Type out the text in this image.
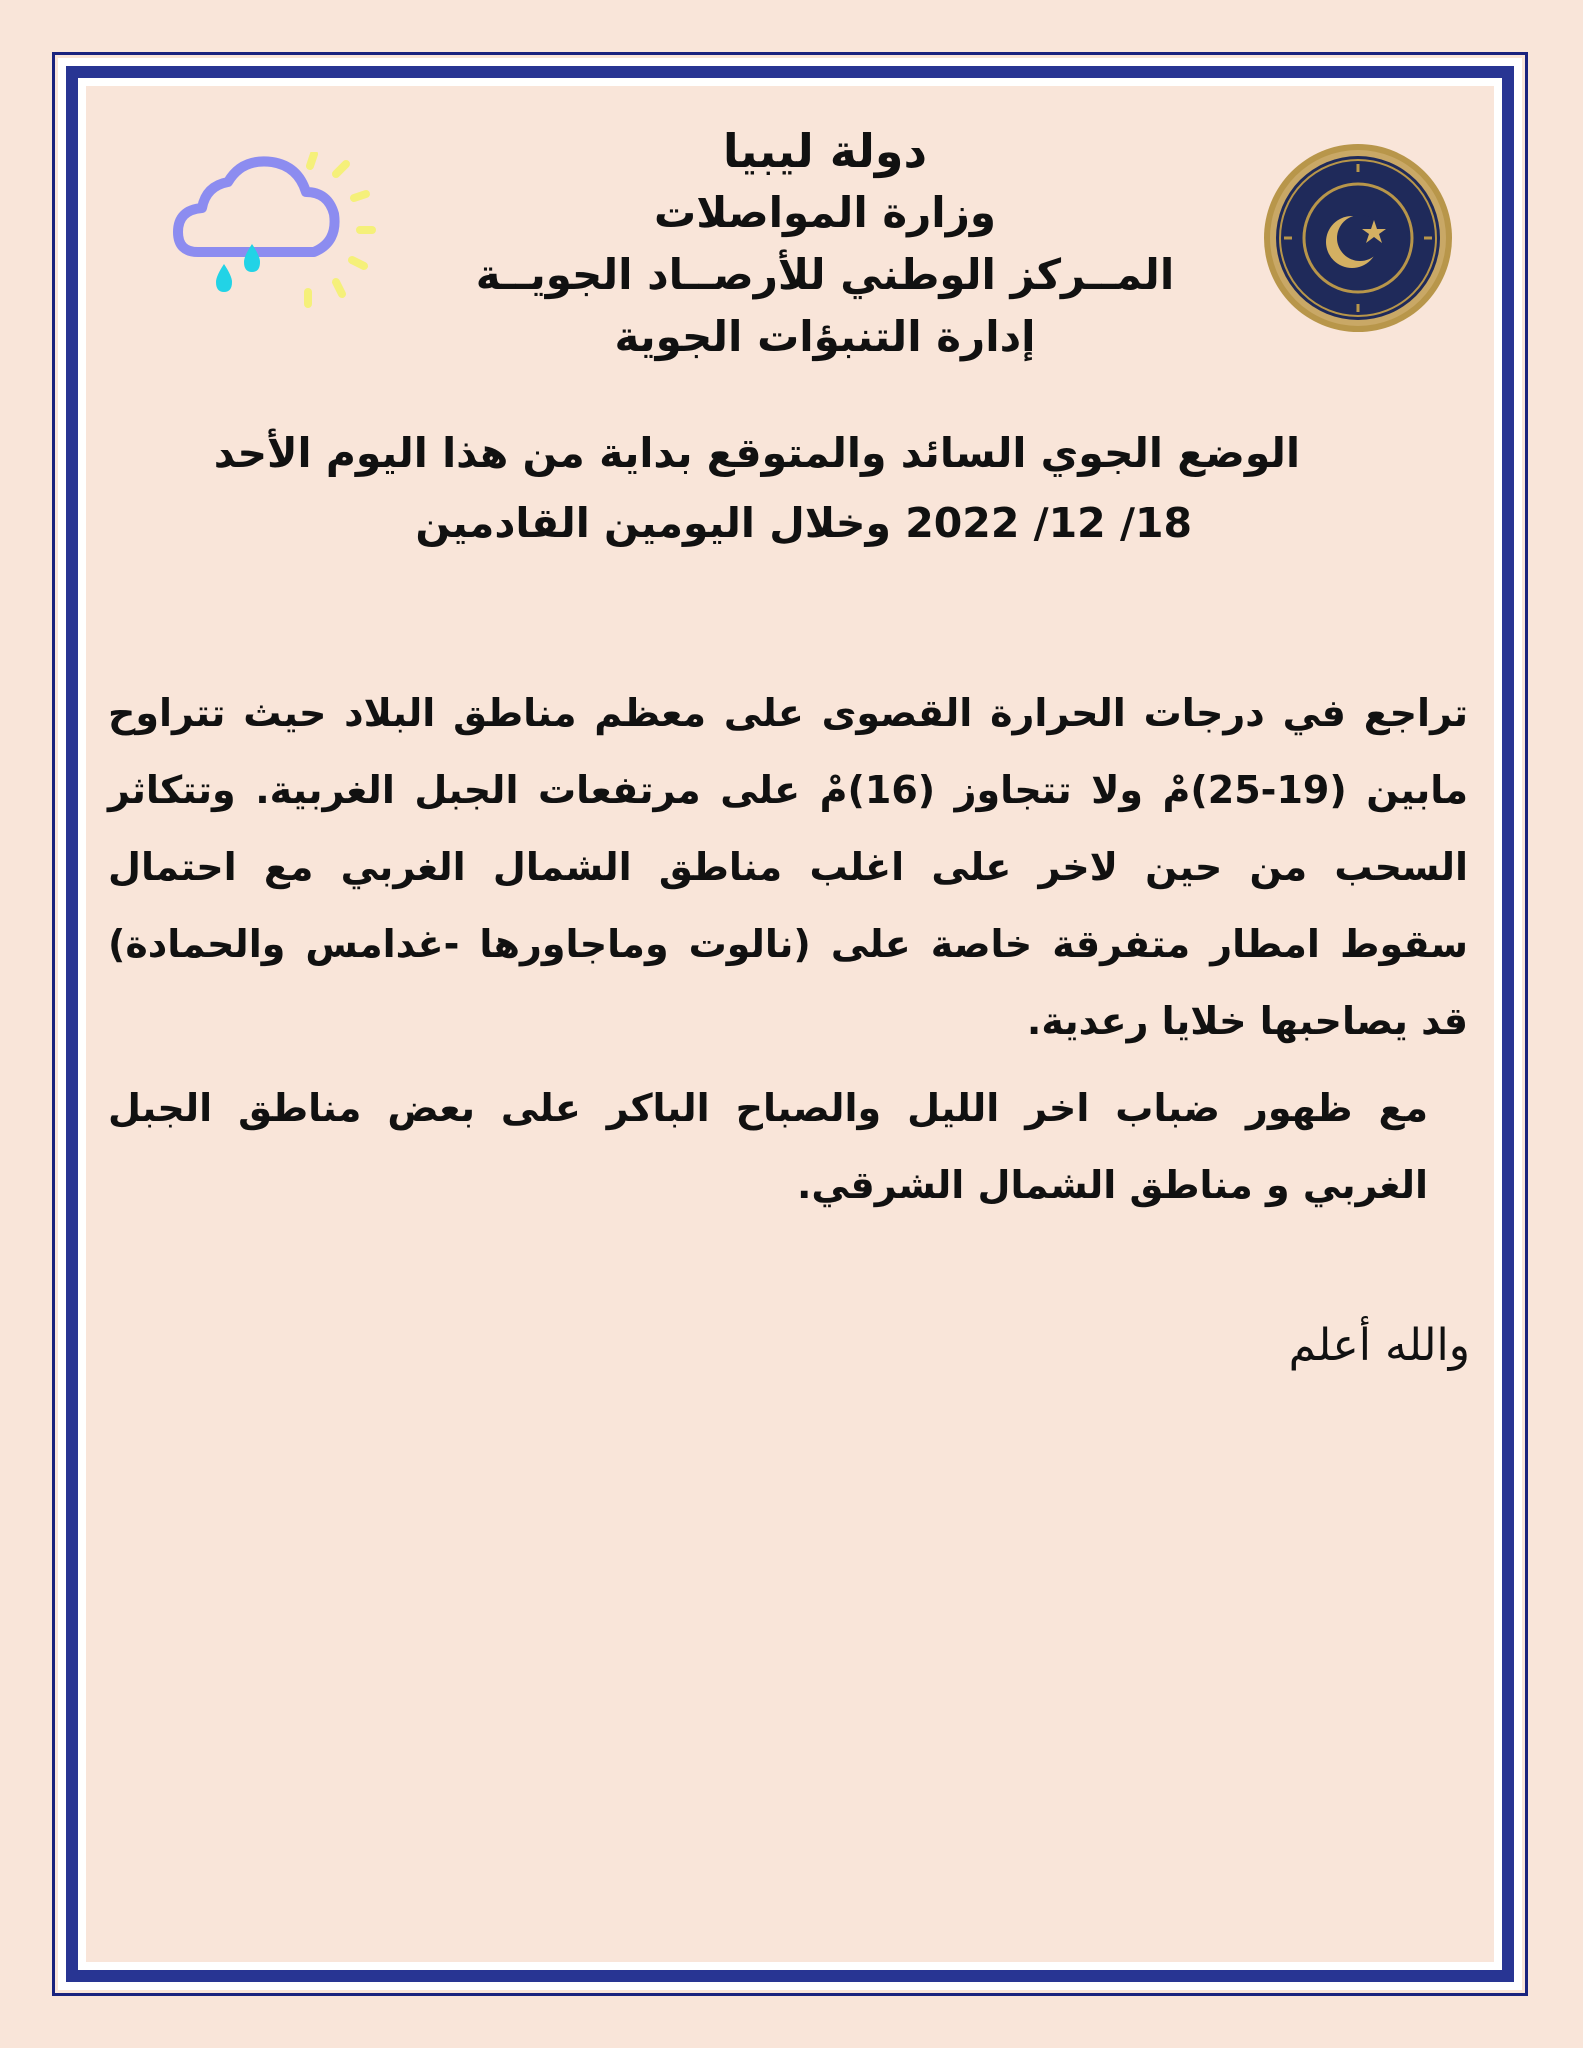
دولة ليبيا
وزارة المواصلات
المــركز الوطني للأرصــاد الجويــة
إدارة التنبؤات الجوية
الوضع الجوي السائد والمتوقع بداية من هذا اليوم الأحد
18/ 12/ 2022 وخلال اليومين القادمين

تراجع في درجات الحرارة القصوى على معظم مناطق البلاد حيث تتراوح مابين (19-25)مْ ولا تتجاوز (16)مْ على مرتفعات الجبل الغربية. وتتكاثر السحب من حين لاخر على اغلب مناطق الشمال الغربي مع احتمال سقوط امطار متفرقة خاصة على (نالوت وماجاورها -غدامس والحمادة) قد يصاحبها خلايا رعدية.

مع ظهور ضباب اخر الليل والصباح الباكر على بعض مناطق الجبل الغربي و مناطق الشمال الشرقي.

والله أعلم
